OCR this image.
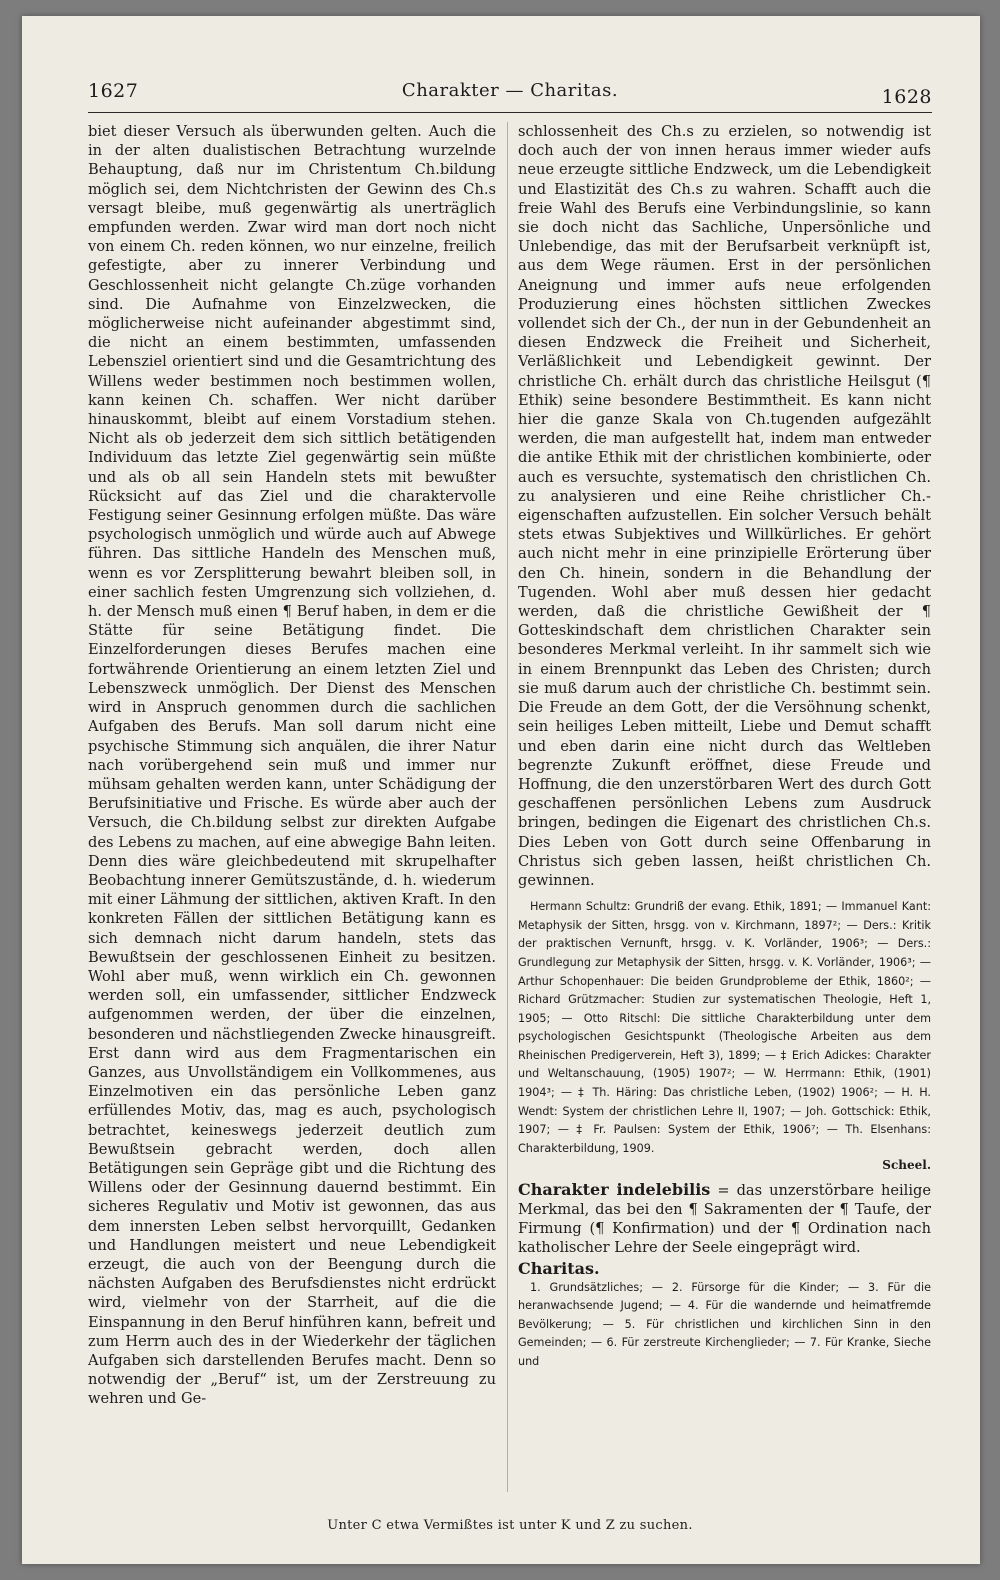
1627	Charakter — Charitas.	1628

biet dieser Versuch als überwunden gelten. Auch die in der alten dualistischen Betrachtung wurzelnde Behauptung, daß nur im Christentum Ch.bildung möglich sei, dem Nichtchristen der Gewinn des Ch.s versagt bleibe, muß gegenwärtig als unerträglich empfunden werden. Zwar wird man dort noch nicht von einem Ch. reden können, wo nur einzelne, freilich gefestigte, aber zu innerer Verbindung und Geschlossenheit nicht gelangte Ch.züge vorhanden sind. Die Aufnahme von Einzelzwecken, die möglicherweise nicht aufeinander abgestimmt sind, die nicht an einem bestimmten, umfassenden Lebensziel orientiert sind und die Gesamtrichtung des Willens weder bestimmen noch bestimmen wollen, kann keinen Ch. schaffen. Wer nicht darüber hinauskommt, bleibt auf einem Vorstadium stehen. Nicht als ob jederzeit dem sich sittlich betätigenden Individuum das letzte Ziel gegenwärtig sein müßte und als ob all sein Handeln stets mit bewußter Rücksicht auf das Ziel und die charaktervolle Festigung seiner Gesinnung erfolgen müßte. Das wäre psychologisch unmöglich und würde auch auf Abwege führen. Das sittliche Handeln des Menschen muß, wenn es vor Zersplitterung bewahrt bleiben soll, in einer sachlich festen Umgrenzung sich vollziehen, d. h. der Mensch muß einen ¶ Beruf haben, in dem er die Stätte für seine Betätigung findet. Die Einzelforderungen dieses Berufes machen eine fortwährende Orientierung an einem letzten Ziel und Lebenszweck unmöglich. Der Dienst des Menschen wird in Anspruch genommen durch die sachlichen Aufgaben des Berufs. Man soll darum nicht eine psychische Stimmung sich anquälen, die ihrer Natur nach vorübergehend sein muß und immer nur mühsam gehalten werden kann, unter Schädigung der Berufsinitiative und Frische. Es würde aber auch der Versuch, die Ch.bildung selbst zur direkten Aufgabe des Lebens zu machen, auf eine abwegige Bahn leiten. Denn dies wäre gleichbedeutend mit skrupelhafter Beobachtung innerer Gemütszustände, d. h. wiederum mit einer Lähmung der sittlichen, aktiven Kraft. In den konkreten Fällen der sittlichen Betätigung kann es sich demnach nicht darum handeln, stets das Bewußtsein der geschlossenen Einheit zu besitzen. Wohl aber muß, wenn wirklich ein Ch. gewonnen werden soll, ein umfassender, sittlicher Endzweck aufgenommen werden, der über die einzelnen, besonderen und nächstliegenden Zwecke hinausgreift. Erst dann wird aus dem Fragmentarischen ein Ganzes, aus Unvollständigem ein Vollkommenes, aus Einzelmotiven ein das persönliche Leben ganz erfüllendes Motiv, das, mag es auch, psychologisch betrachtet, keineswegs jederzeit deutlich zum Bewußtsein gebracht werden, doch allen Betätigungen sein Gepräge gibt und die Richtung des Willens oder der Gesinnung dauernd bestimmt. Ein sicheres Regulativ und Motiv ist gewonnen, das aus dem innersten Leben selbst hervorquillt, Gedanken und Handlungen meistert und neue Lebendigkeit erzeugt, die auch von der Beengung durch die nächsten Aufgaben des Berufsdienstes nicht erdrückt wird, vielmehr von der Starrheit, auf die die Einspannung in den Beruf hinführen kann, befreit und zum Herrn auch des in der Wiederkehr der täglichen Aufgaben sich darstellenden Berufes macht. Denn so notwendig der „Beruf“ ist, um der Zerstreuung zu wehren und Ge-

schlossenheit des Ch.s zu erzielen, so notwendig ist doch auch der von innen heraus immer wieder aufs neue erzeugte sittliche Endzweck, um die Lebendigkeit und Elastizität des Ch.s zu wahren. Schafft auch die freie Wahl des Berufs eine Verbindungslinie, so kann sie doch nicht das Sachliche, Unpersönliche und Unlebendige, das mit der Berufsarbeit verknüpft ist, aus dem Wege räumen. Erst in der persönlichen Aneignung und immer aufs neue erfolgenden Produzierung eines höchsten sittlichen Zweckes vollendet sich der Ch., der nun in der Gebundenheit an diesen Endzweck die Freiheit und Sicherheit, Verläßlichkeit und Lebendigkeit gewinnt. Der christliche Ch. erhält durch das christliche Heilsgut (¶ Ethik) seine besondere Bestimmtheit. Es kann nicht hier die ganze Skala von Ch.tugenden aufgezählt werden, die man aufgestellt hat, indem man entweder die antike Ethik mit der christlichen kombinierte, oder auch es versuchte, systematisch den christlichen Ch. zu analysieren und eine Reihe christlicher Ch.-eigenschaften aufzustellen. Ein solcher Versuch behält stets etwas Subjektives und Willkürliches. Er gehört auch nicht mehr in eine prinzipielle Erörterung über den Ch. hinein, sondern in die Behandlung der Tugenden. Wohl aber muß dessen hier gedacht werden, daß die christliche Gewißheit der ¶ Gotteskindschaft dem christlichen Charakter sein besonderes Merkmal verleiht. In ihr sammelt sich wie in einem Brennpunkt das Leben des Christen; durch sie muß darum auch der christliche Ch. bestimmt sein. Die Freude an dem Gott, der die Versöhnung schenkt, sein heiliges Leben mitteilt, Liebe und Demut schafft und eben darin eine nicht durch das Weltleben begrenzte Zukunft eröffnet, diese Freude und Hoffnung, die den unzerstörbaren Wert des durch Gott geschaffenen persönlichen Lebens zum Ausdruck bringen, bedingen die Eigenart des christlichen Ch.s. Dies Leben von Gott durch seine Offenbarung in Christus sich geben lassen, heißt christlichen Ch. gewinnen.

Hermann Schultz: Grundriß der evang. Ethik, 1891; — Immanuel Kant: Metaphysik der Sitten, hrsgg. von v. Kirchmann, 1897²; — Ders.: Kritik der praktischen Vernunft, hrsgg. v. K. Vorländer, 1906³; — Ders.: Grundlegung zur Metaphysik der Sitten, hrsgg. v. K. Vorländer, 1906³; — Arthur Schopenhauer: Die beiden Grundprobleme der Ethik, 1860²; — Richard Grützmacher: Studien zur systematischen Theologie, Heft 1, 1905; — Otto Ritschl: Die sittliche Charakterbildung unter dem psychologischen Gesichtspunkt (Theologische Arbeiten aus dem Rheinischen Predigerverein, Heft 3), 1899; — ‡ Erich Adickes: Charakter und Weltanschauung, (1905) 1907²; — W. Herrmann: Ethik, (1901) 1904³; — ‡ Th. Häring: Das christliche Leben, (1902) 1906²; — H. H. Wendt: System der christlichen Lehre II, 1907; — Joh. Gottschick: Ethik, 1907; — ‡ Fr. Paulsen: System der Ethik, 1906⁷; — Th. Elsenhans: Charakterbildung, 1909.

Scheel.

Charakter indelebilis = das unzerstörbare heilige Merkmal, das bei den ¶ Sakramenten der ¶ Taufe, der Firmung (¶ Konfirmation) und der ¶ Ordination nach katholischer Lehre der Seele eingeprägt wird.

Charitas.

1. Grundsätzliches; — 2. Fürsorge für die Kinder; — 3. Für die heranwachsende Jugend; — 4. Für die wandernde und heimatfremde Bevölkerung; — 5. Für christlichen und kirchlichen Sinn in den Gemeinden; — 6. Für zerstreute Kirchenglieder; — 7. Für Kranke, Sieche und

Unter C etwa Vermißtes ist unter K und Z zu suchen.
